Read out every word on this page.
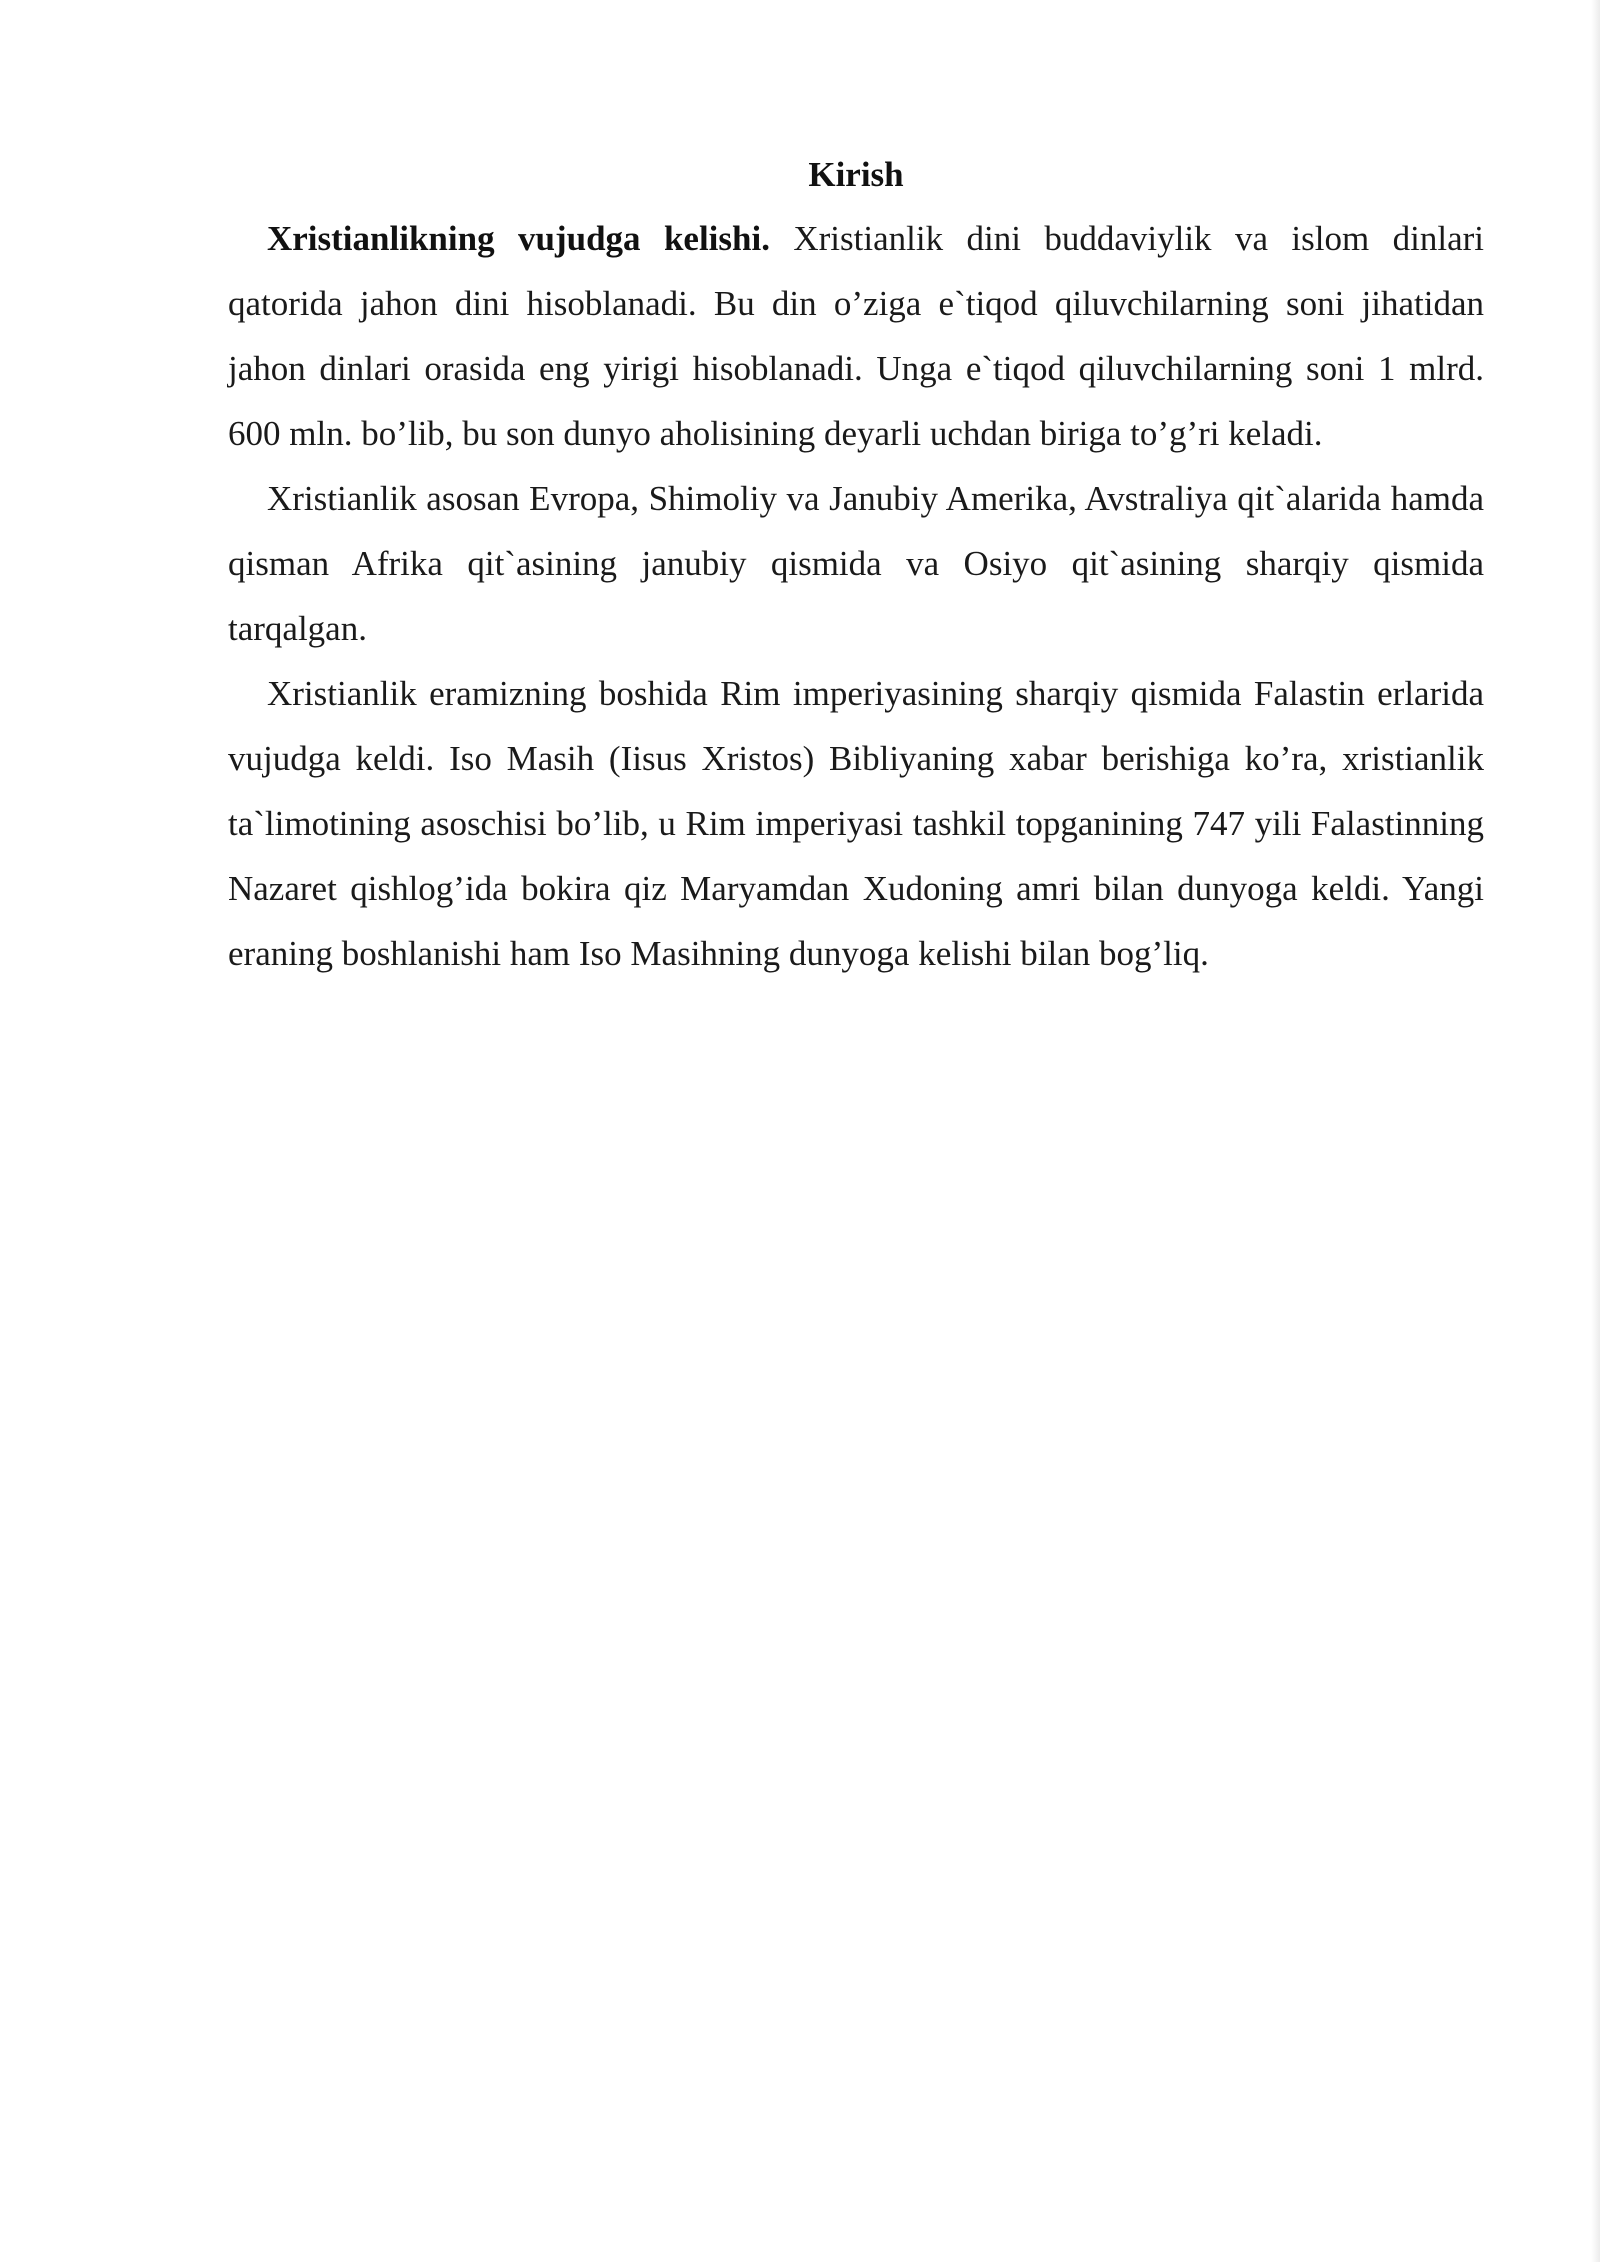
Kirish

Xristianlikning vujudga kelishi. Xristianlik dini buddaviylik va islom dinlari qatorida jahon dini hisoblanadi. Bu din o’ziga e`tiqod qiluvchilarning soni jihatidan jahon dinlari orasida eng yirigi hisoblanadi. Unga e`tiqod qiluvchilarning soni 1 mlrd. 600 mln. bo’lib, bu son dunyo aholisining deyarli uchdan biriga to’g’ri keladi.

Xristianlik asosan Evropa, Shimoliy va Janubiy Amerika, Avstraliya qit`alarida hamda qisman Afrika qit`asining janubiy qismida va Osiyo qit`asining sharqiy qismida tarqalgan.

Xristianlik eramizning boshida Rim imperiyasining sharqiy qismida Falastin erlarida vujudga keldi. Iso Masih (Iisus Xristos) Bibliyaning xabar berishiga ko’ra, xristianlik ta`limotining asoschisi bo’lib, u Rim imperiyasi tashkil topganining 747 yili Falastinning Nazaret qishlog’ida bokira qiz Maryamdan Xudoning amri bilan dunyoga keldi. Yangi eraning boshlanishi ham Iso Masihning dunyoga kelishi bilan bog’liq.
